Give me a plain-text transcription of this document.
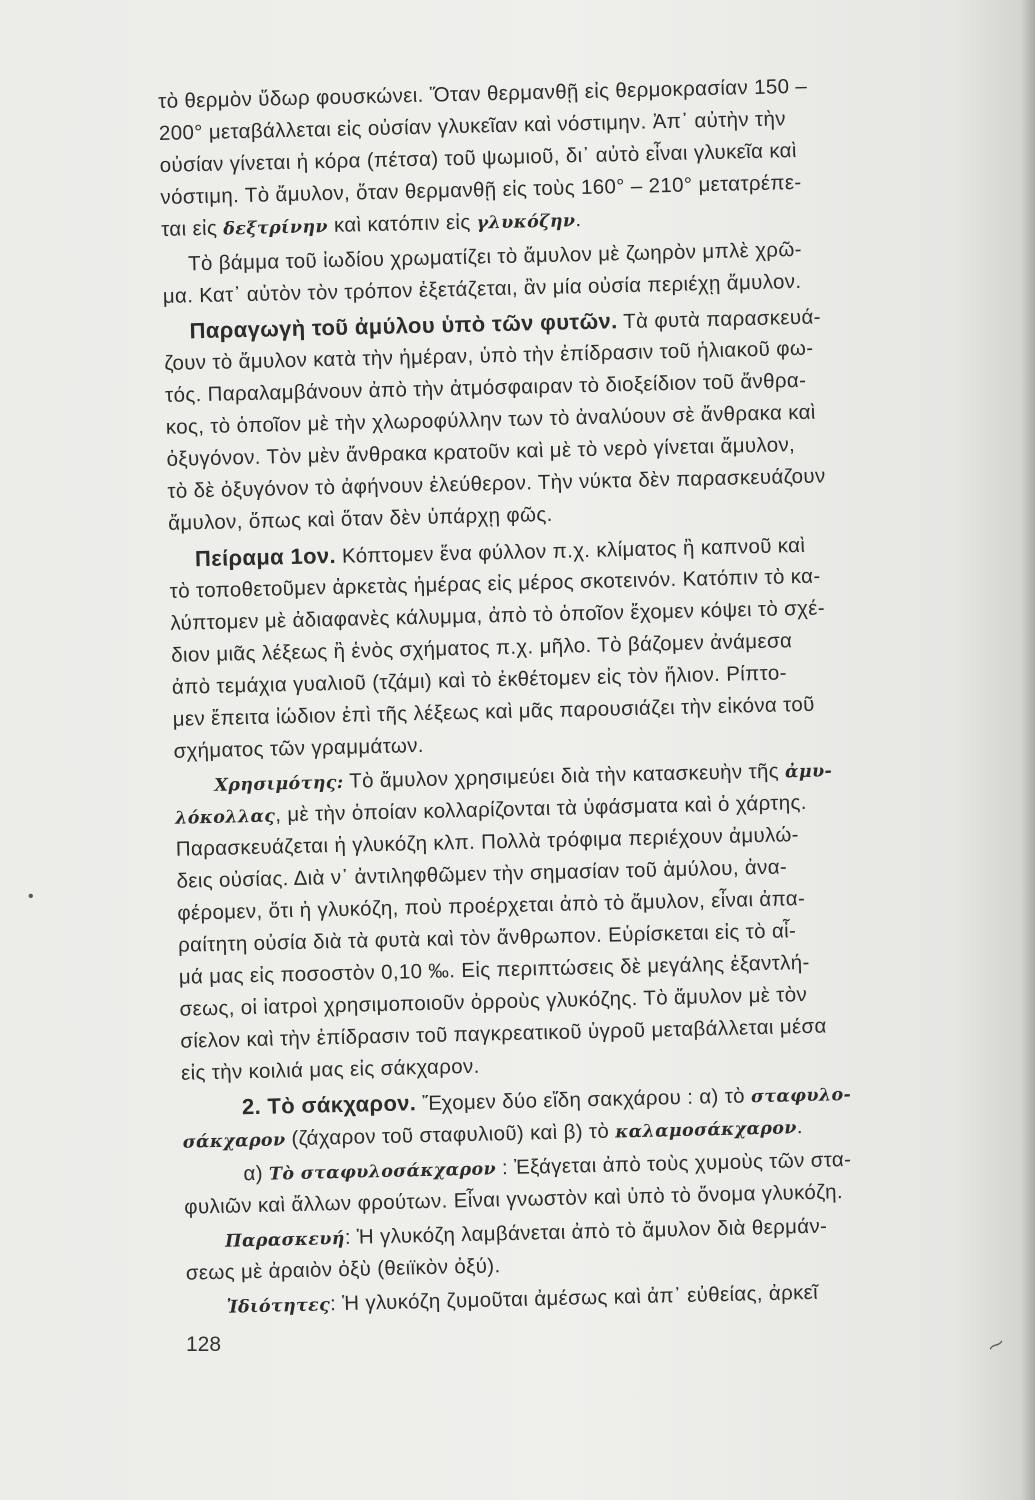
τὸ θερμὸν ὕδωρ φουσκώνει. Ὅταν θερμανθῇ εἰς θερμοκρασίαν 150 –
200° μεταβάλλεται εἰς οὐσίαν γλυκεῖαν καὶ νόστιμην. Ἀπ᾽ αὐτὴν τὴν
οὐσίαν γίνεται ἡ κόρα (πέτσα) τοῦ ψωμιοῦ, δι᾽ αὐτὸ εἶναι γλυκεῖα καὶ
νόστιμη. Τὸ ἄμυλον, ὅταν θερμανθῇ εἰς τοὺς 160° – 210° μετατρέπε-
ται εἰς δεξτρίνην καὶ κατόπιν εἰς γλυκόζην.
Τὸ βάμμα τοῦ ἰωδίου χρωματίζει τὸ ἄμυλον μὲ ζωηρὸν μπλὲ χρῶ-
μα. Κατ᾽ αὐτὸν τὸν τρόπον ἐξετάζεται, ἂν μία οὐσία περιέχῃ ἄμυλον.
Παραγωγὴ τοῦ ἀμύλου ὑπὸ τῶν φυτῶν. Τὰ φυτὰ παρασκευά-
ζουν τὸ ἄμυλον κατὰ τὴν ἡμέραν, ὑπὸ τὴν ἐπίδρασιν τοῦ ἡλιακοῦ φω-
τός. Παραλαμβάνουν ἀπὸ τὴν ἀτμόσφαιραν τὸ διοξείδιον τοῦ ἄνθρα-
κος, τὸ ὁποῖον μὲ τὴν χλωροφύλλην των τὸ ἀναλύουν σὲ ἄνθρακα καὶ
ὀξυγόνον. Τὸν μὲν ἄνθρακα κρατοῦν καὶ μὲ τὸ νερὸ γίνεται ἄμυλον,
τὸ δὲ ὀξυγόνον τὸ ἀφήνουν ἐλεύθερον. Τὴν νύκτα δὲν παρασκευάζουν
ἄμυλον, ὅπως καὶ ὅταν δὲν ὑπάρχῃ φῶς.
Πείραμα 1ον. Κόπτομεν ἕνα φύλλον π.χ. κλίματος ἢ καπνοῦ καὶ
τὸ τοποθετοῦμεν ἀρκετὰς ἡμέρας εἰς μέρος σκοτεινόν. Κατόπιν τὸ κα-
λύπτομεν μὲ ἀδιαφανὲς κάλυμμα, ἀπὸ τὸ ὁποῖον ἔχομεν κόψει τὸ σχέ-
διον μιᾶς λέξεως ἢ ἑνὸς σχήματος π.χ. μῆλο. Τὸ βάζομεν ἀνάμεσα
ἀπὸ τεμάχια γυαλιοῦ (τζάμι) καὶ τὸ ἐκθέτομεν εἰς τὸν ἥλιον. Ρίπτο-
μεν ἔπειτα ἰώδιον ἐπὶ τῆς λέξεως καὶ μᾶς παρουσιάζει τὴν εἰκόνα τοῦ
σχήματος τῶν γραμμάτων.
Χρησιμότης: Τὸ ἄμυλον χρησιμεύει διὰ τὴν κατασκευὴν τῆς ἀμυ-
λόκολλας, μὲ τὴν ὁποίαν κολλαρίζονται τὰ ὑφάσματα καὶ ὁ χάρτης.
Παρασκευάζεται ἡ γλυκόζη κλπ. Πολλὰ τρόφιμα περιέχουν ἀμυλώ-
δεις οὐσίας. Διὰ ν᾽ ἀντιληφθῶμεν τὴν σημασίαν τοῦ ἀμύλου, ἀνα-
φέρομεν, ὅτι ἡ γλυκόζη, ποὺ προέρχεται ἀπὸ τὸ ἄμυλον, εἶναι ἀπα-
ραίτητη οὐσία διὰ τὰ φυτὰ καὶ τὸν ἄνθρωπον. Εὑρίσκεται εἰς τὸ αἷ-
μά μας εἰς ποσοστὸν 0,10 ‰. Εἰς περιπτώσεις δὲ μεγάλης ἐξαντλή-
σεως, οἱ ἰατροὶ χρησιμοποιοῦν ὀρροὺς γλυκόζης. Τὸ ἄμυλον μὲ τὸν
σίελον καὶ τὴν ἐπίδρασιν τοῦ παγκρεατικοῦ ὑγροῦ μεταβάλλεται μέσα
εἰς τὴν κοιλιά μας εἰς σάκχαρον.
2. Τὸ σάκχαρον. Ἔχομεν δύο εἴδη σακχάρου : α) τὸ σταφυλο-
σάκχαρον (ζάχαρον τοῦ σταφυλιοῦ) καὶ β) τὸ καλαμοσάκχαρον.
α) Τὸ σταφυλοσάκχαρον : Ἐξάγεται ἀπὸ τοὺς χυμοὺς τῶν στα-
φυλιῶν καὶ ἄλλων φρούτων. Εἶναι γνωστὸν καὶ ὑπὸ τὸ ὄνομα γλυκόζη.
Παρασκευή: Ἡ γλυκόζη λαμβάνεται ἀπὸ τὸ ἄμυλον διὰ θερμάν-
σεως μὲ ἀραιὸν ὀξὺ (θειϊκὸν ὀξύ).
Ἰδιότητες: Ἡ γλυκόζη ζυμοῦται ἀμέσως καὶ ἀπ᾽ εὐθείας, ἀρκεῖ
128
•
⁓
